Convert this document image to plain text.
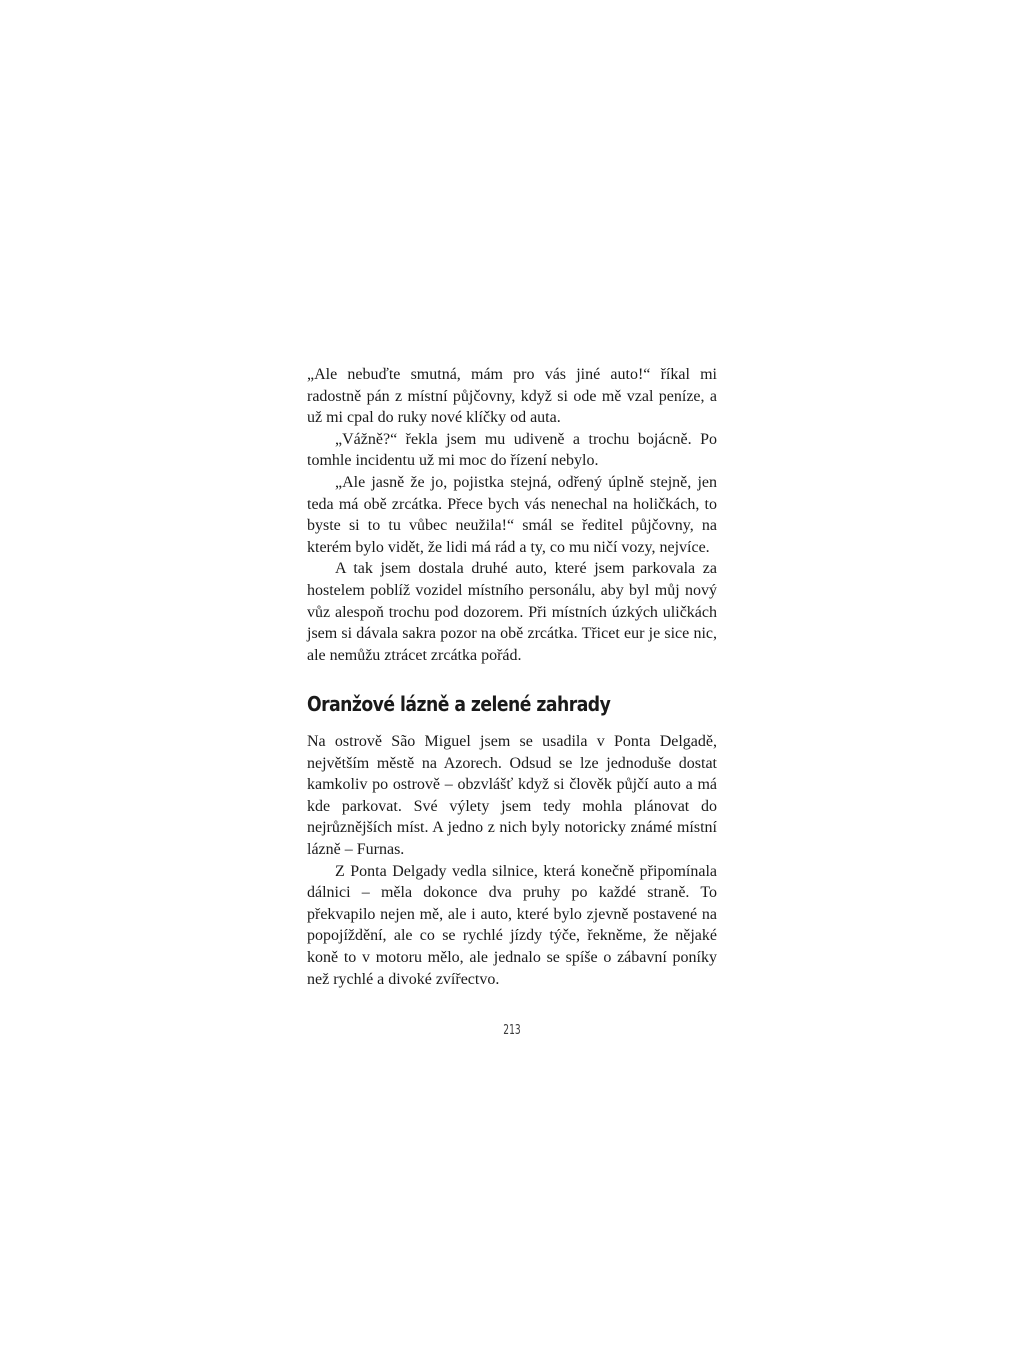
„Ale nebuďte smutná, mám pro vás jiné auto!“ říkal mi radostně pán z místní půjčovny, když si ode mě vzal peníze, a už mi cpal do ruky nové klíčky od auta.

„Vážně?“ řekla jsem mu udiveně a trochu bojácně. Po tomhle incidentu už mi moc do řízení nebylo.

„Ale jasně že jo, pojistka stejná, odřený úplně stejně, jen teda má obě zrcátka. Přece bych vás nenechal na holičkách, to byste si to tu vůbec neužila!“ smál se ředitel půjčovny, na kterém bylo vidět, že lidi má rád a ty, co mu ničí vozy, nejvíce.

A tak jsem dostala druhé auto, které jsem parkovala za hostelem poblíž vozidel místního personálu, aby byl můj nový vůz alespoň trochu pod dozorem. Při místních úzkých uličkách jsem si dávala sakra pozor na obě zrcátka. Třicet eur je sice nic, ale nemůžu ztrácet zrcátka pořád.

Oranžové lázně a zelené zahrady

Na ostrově São Miguel jsem se usadila v Ponta Delgadě, největším městě na Azorech. Odsud se lze jednoduše dostat kamkoliv po ostrově – obzvlášť když si člověk půjčí auto a má kde parkovat. Své výlety jsem tedy mohla plánovat do nejrůznějších míst. A jedno z nich byly notoricky známé místní lázně – Furnas.

Z Ponta Delgady vedla silnice, která konečně připomínala dálnici – měla dokonce dva pruhy po každé straně. To překvapilo nejen mě, ale i auto, které bylo zjevně postavené na popojíždění, ale co se rychlé jízdy týče, řekněme, že nějaké koně to v motoru mělo, ale jednalo se spíše o zábavní poníky než rychlé a divoké zvířectvo.

213
